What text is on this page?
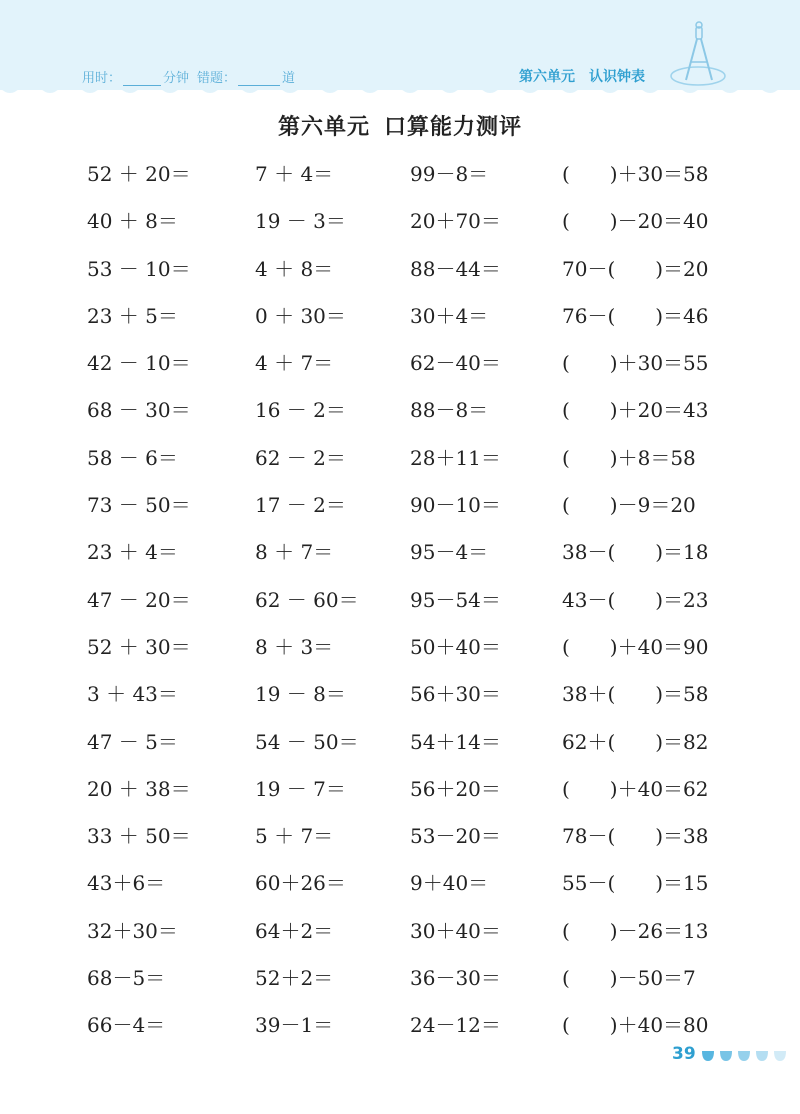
用时：	分钟 错题：	道	第六单元 认识钟表
第六单元 口算能力测评
52 ＋ 20＝	7 ＋ 4＝	99－8＝	(　　)＋30＝58
40 ＋ 8＝	19 － 3＝	20＋70＝	(　　)－20＝40
53 － 10＝	4 ＋ 8＝	88－44＝	70－(　　)＝20
23 ＋ 5＝	0 ＋ 30＝	30＋4＝	76－(　　)＝46
42 － 10＝	4 ＋ 7＝	62－40＝	(　　)＋30＝55
68 － 30＝	16 － 2＝	88－8＝	(　　)＋20＝43
58 － 6＝	62 － 2＝	28＋11＝	(　　)＋8＝58
73 － 50＝	17 － 2＝	90－10＝	(　　)－9＝20
23 ＋ 4＝	8 ＋ 7＝	95－4＝	38－(　　)＝18
47 － 20＝	62 － 60＝	95－54＝	43－(　　)＝23
52 ＋ 30＝	8 ＋ 3＝	50＋40＝	(　　)＋40＝90
3 ＋ 43＝	19 － 8＝	56＋30＝	38＋(　　)＝58
47 － 5＝	54 － 50＝	54＋14＝	62＋(　　)＝82
20 ＋ 38＝	19 － 7＝	56＋20＝	(　　)＋40＝62
33 ＋ 50＝	5 ＋ 7＝	53－20＝	78－(　　)＝38
43＋6＝	60＋26＝	9＋40＝	55－(　　)＝15
32＋30＝	64＋2＝	30＋40＝	(　　)－26＝13
68－5＝	52＋2＝	36－30＝	(　　)－50＝7
66－4＝	39－1＝	24－12＝	(　　)＋40＝80
39
